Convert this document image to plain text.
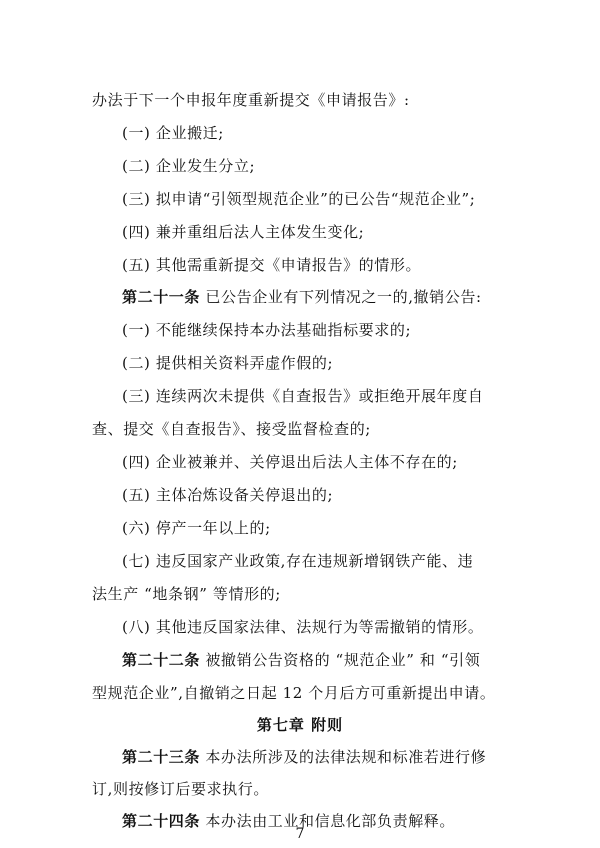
办法于下一个申报年度重新提交《申请报告》:
(一) 企业搬迁;
(二) 企业发生分立;
(三) 拟申请“引领型规范企业”的已公告“规范企业”;
(四) 兼并重组后法人主体发生变化;
(五) 其他需重新提交《申请报告》的情形。
第二十一条 已公告企业有下列情况之一的,撤销公告:
(一) 不能继续保持本办法基础指标要求的;
(二) 提供相关资料弄虚作假的;
(三) 连续两次未提供《自查报告》或拒绝开展年度自
查、提交《自查报告》、接受监督检查的;
(四) 企业被兼并、关停退出后法人主体不存在的;
(五) 主体冶炼设备关停退出的;
(六) 停产一年以上的;
(七) 违反国家产业政策,存在违规新增钢铁产能、违
法生产 “地条钢” 等情形的;
(八) 其他违反国家法律、法规行为等需撤销的情形。
第二十二条 被撤销公告资格的 “规范企业” 和 “引领
型规范企业”,自撤销之日起 12 个月后方可重新提出申请。
第七章 附则
第二十三条 本办法所涉及的法律法规和标准若进行修
订,则按修订后要求执行。
第二十四条 本办法由工业和信息化部负责解释。
7
